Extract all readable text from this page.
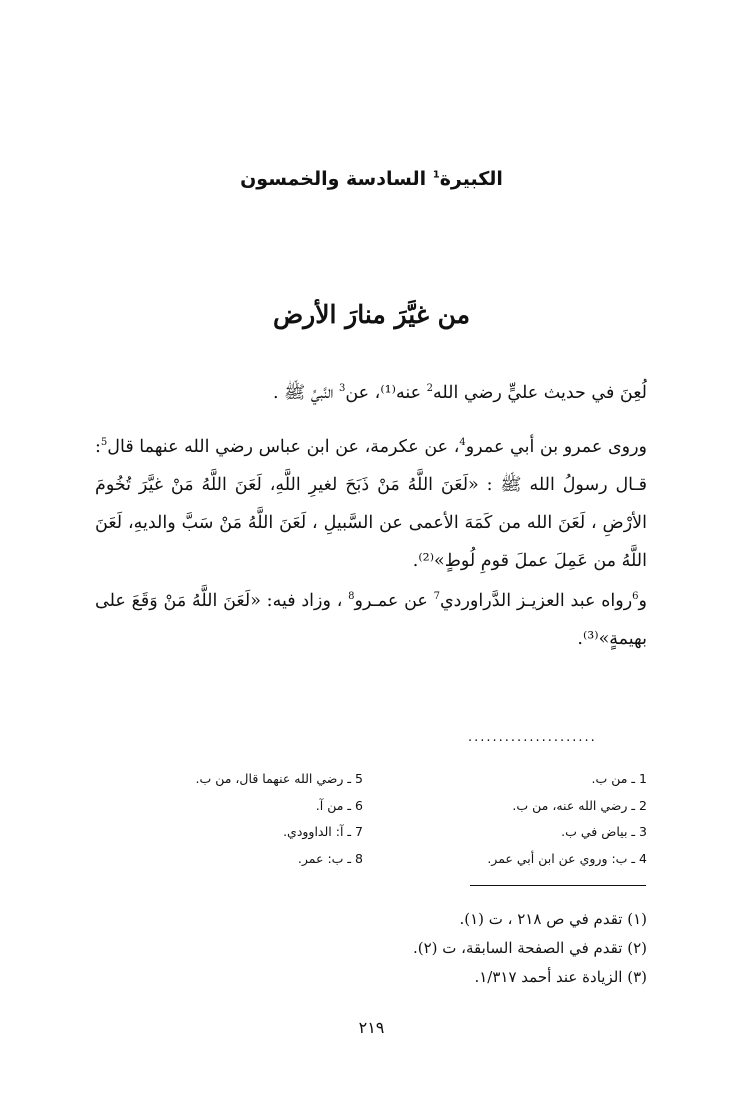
الكبيرة$^1$ السادسة والخمسون
من غيَّرَ منارَ الأرض
لُعِنَ في حديث عليٍّ رضي الله$^2$ عنه⁽¹⁾، عن$^3$ النَّبيِّ ﷺ .
وروى عمرو بن أبي عمرو$^4$، عن عكرمة، عن ابن عباس رضي الله عنهما قال$^5$: قـال رسولُ الله ﷺ : «لَعَنَ اللَّهُ مَنْ ذَبَحَ لغيرِ اللَّهِ، لَعَنَ اللَّهُ مَنْ غيَّرَ تُخُومَ الأرْضِ ، لَعَنَ الله من كَمَهَ الأعمى عن السَّبيلِ ، لَعَنَ اللَّهُ مَنْ سَبَّ والديهِ، لَعَنَ اللَّهُ من عَمِلَ عملَ قومِ لُوطٍ»⁽²⁾.
و$^6$رواه عبد العزيـز الدَّراوردي$^7$ عن عمـرو$^8$ ، وزاد فيه: «لَعَنَ اللَّهُ مَنْ وَقَعَ على بهيمةٍ»⁽³⁾.
.....................
1 ـ من ب.
2 ـ رضي الله عنه، من ب.
3 ـ بياض في ب.
4 ـ ب: وروي عن ابن أبي عمر.
5 ـ رضي الله عنهما قال، من ب.
6 ـ من آ.
7 ـ آ: الداوودي.
8 ـ ب: عمر.
(١) تقدم في ص ٢١٨ ، ت (١).
(٢) تقدم في الصفحة السابقة، ت (٢).
(٣) الزيادة عند أحمد ١/٣١٧.
٢١٩
